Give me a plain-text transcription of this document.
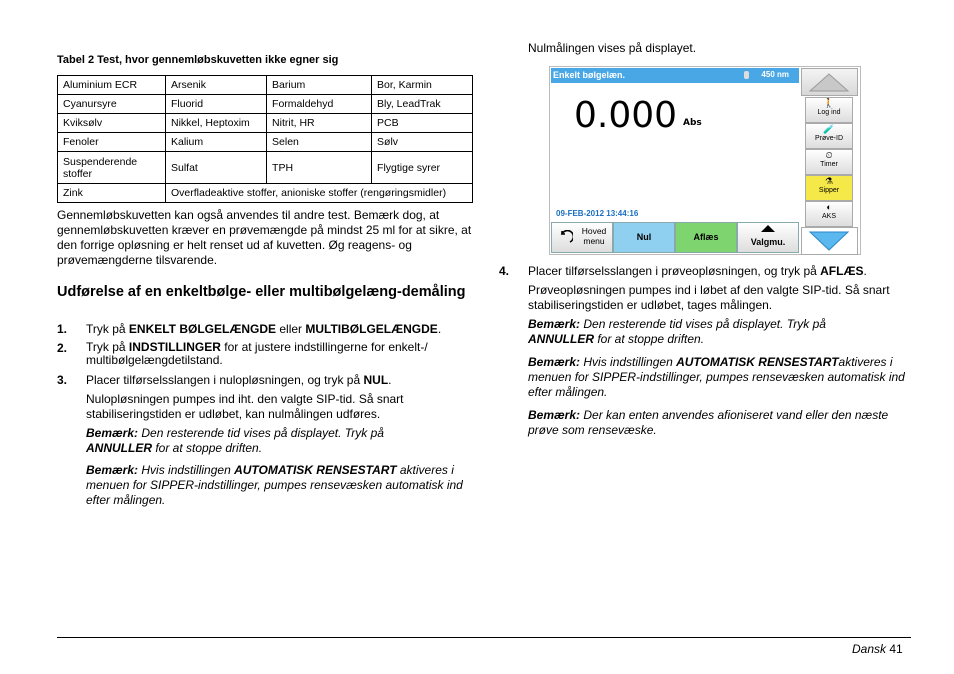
Tabel 2 Test, hvor gennemløbskuvetten ikke egner sig
Aluminium ECR	Arsenik	Barium	Bor, Karmin
Cyanursyre	Fluorid	Formaldehyd	Bly, LeadTrak
Kviksølv	Nikkel, Heptoxim	Nitrit, HR	PCB
Fenoler	Kalium	Selen	Sølv
Suspenderende stoffer	Sulfat	TPH	Flygtige syrer
Zink	Overfladeaktive stoffer, anioniske stoffer (rengøringsmidler)		
Gennemløbskuvetten kan også anvendes til andre test. Bemærk dog, at gennemløbskuvetten kræver en prøvemængde på mindst 25 ml for at sikre, at den forrige opløsning er helt renset ud af kuvetten. Øg reagens- og prøvemængderne tilsvarende.
Udførelse af en enkeltbølge- eller multibølgelæng-demåling
1. Tryk på ENKELT BØLGELÆNGDE eller MULTIBØLGELÆNGDE.
2. Tryk på INDSTILLINGER for at justere indstillingerne for enkelt-/ multibølgelængdetilstand.
3. Placer tilførselsslangen i nulopløsningen, og tryk på NUL.
Nulopløsningen pumpes ind iht. den valgte SIP-tid. Så snart stabiliseringstiden er udløbet, kan nulmålingen udføres.
Bemærk: Den resterende tid vises på displayet. Tryk på ANNULLER for at stoppe driften.
Bemærk: Hvis indstillingen AUTOMATISK RENSESTART aktiveres i menuen for SIPPER-indstillinger, pumpes rensevæsken automatisk ind efter målingen.
Nulmålingen vises på displayet.
Enkelt bølgelæn.	450 nm
0.000 Abs
09-FEB-2012 13:44:16
🚶
Log ind
🧪
Prøve-ID
⏲
Timer
⚗
Sipper
◐
AKS
Hoved menu	Nul	Aflæs	Valgmu.
4. Placer tilførselsslangen i prøveopløsningen, og tryk på AFLÆS.
Prøveopløsningen pumpes ind i løbet af den valgte SIP-tid. Så snart stabiliseringstiden er udløbet, tages målingen.
Bemærk: Den resterende tid vises på displayet. Tryk på ANNULLER for at stoppe driften.
Bemærk: Hvis indstillingen AUTOMATISK RENSESTARTaktiveres i menuen for SIPPER-indstillinger, pumpes rensevæsken automatisk ind efter målingen.
Bemærk: Der kan enten anvendes afioniseret vand eller den næste prøve som rensevæske.
Dansk 41
